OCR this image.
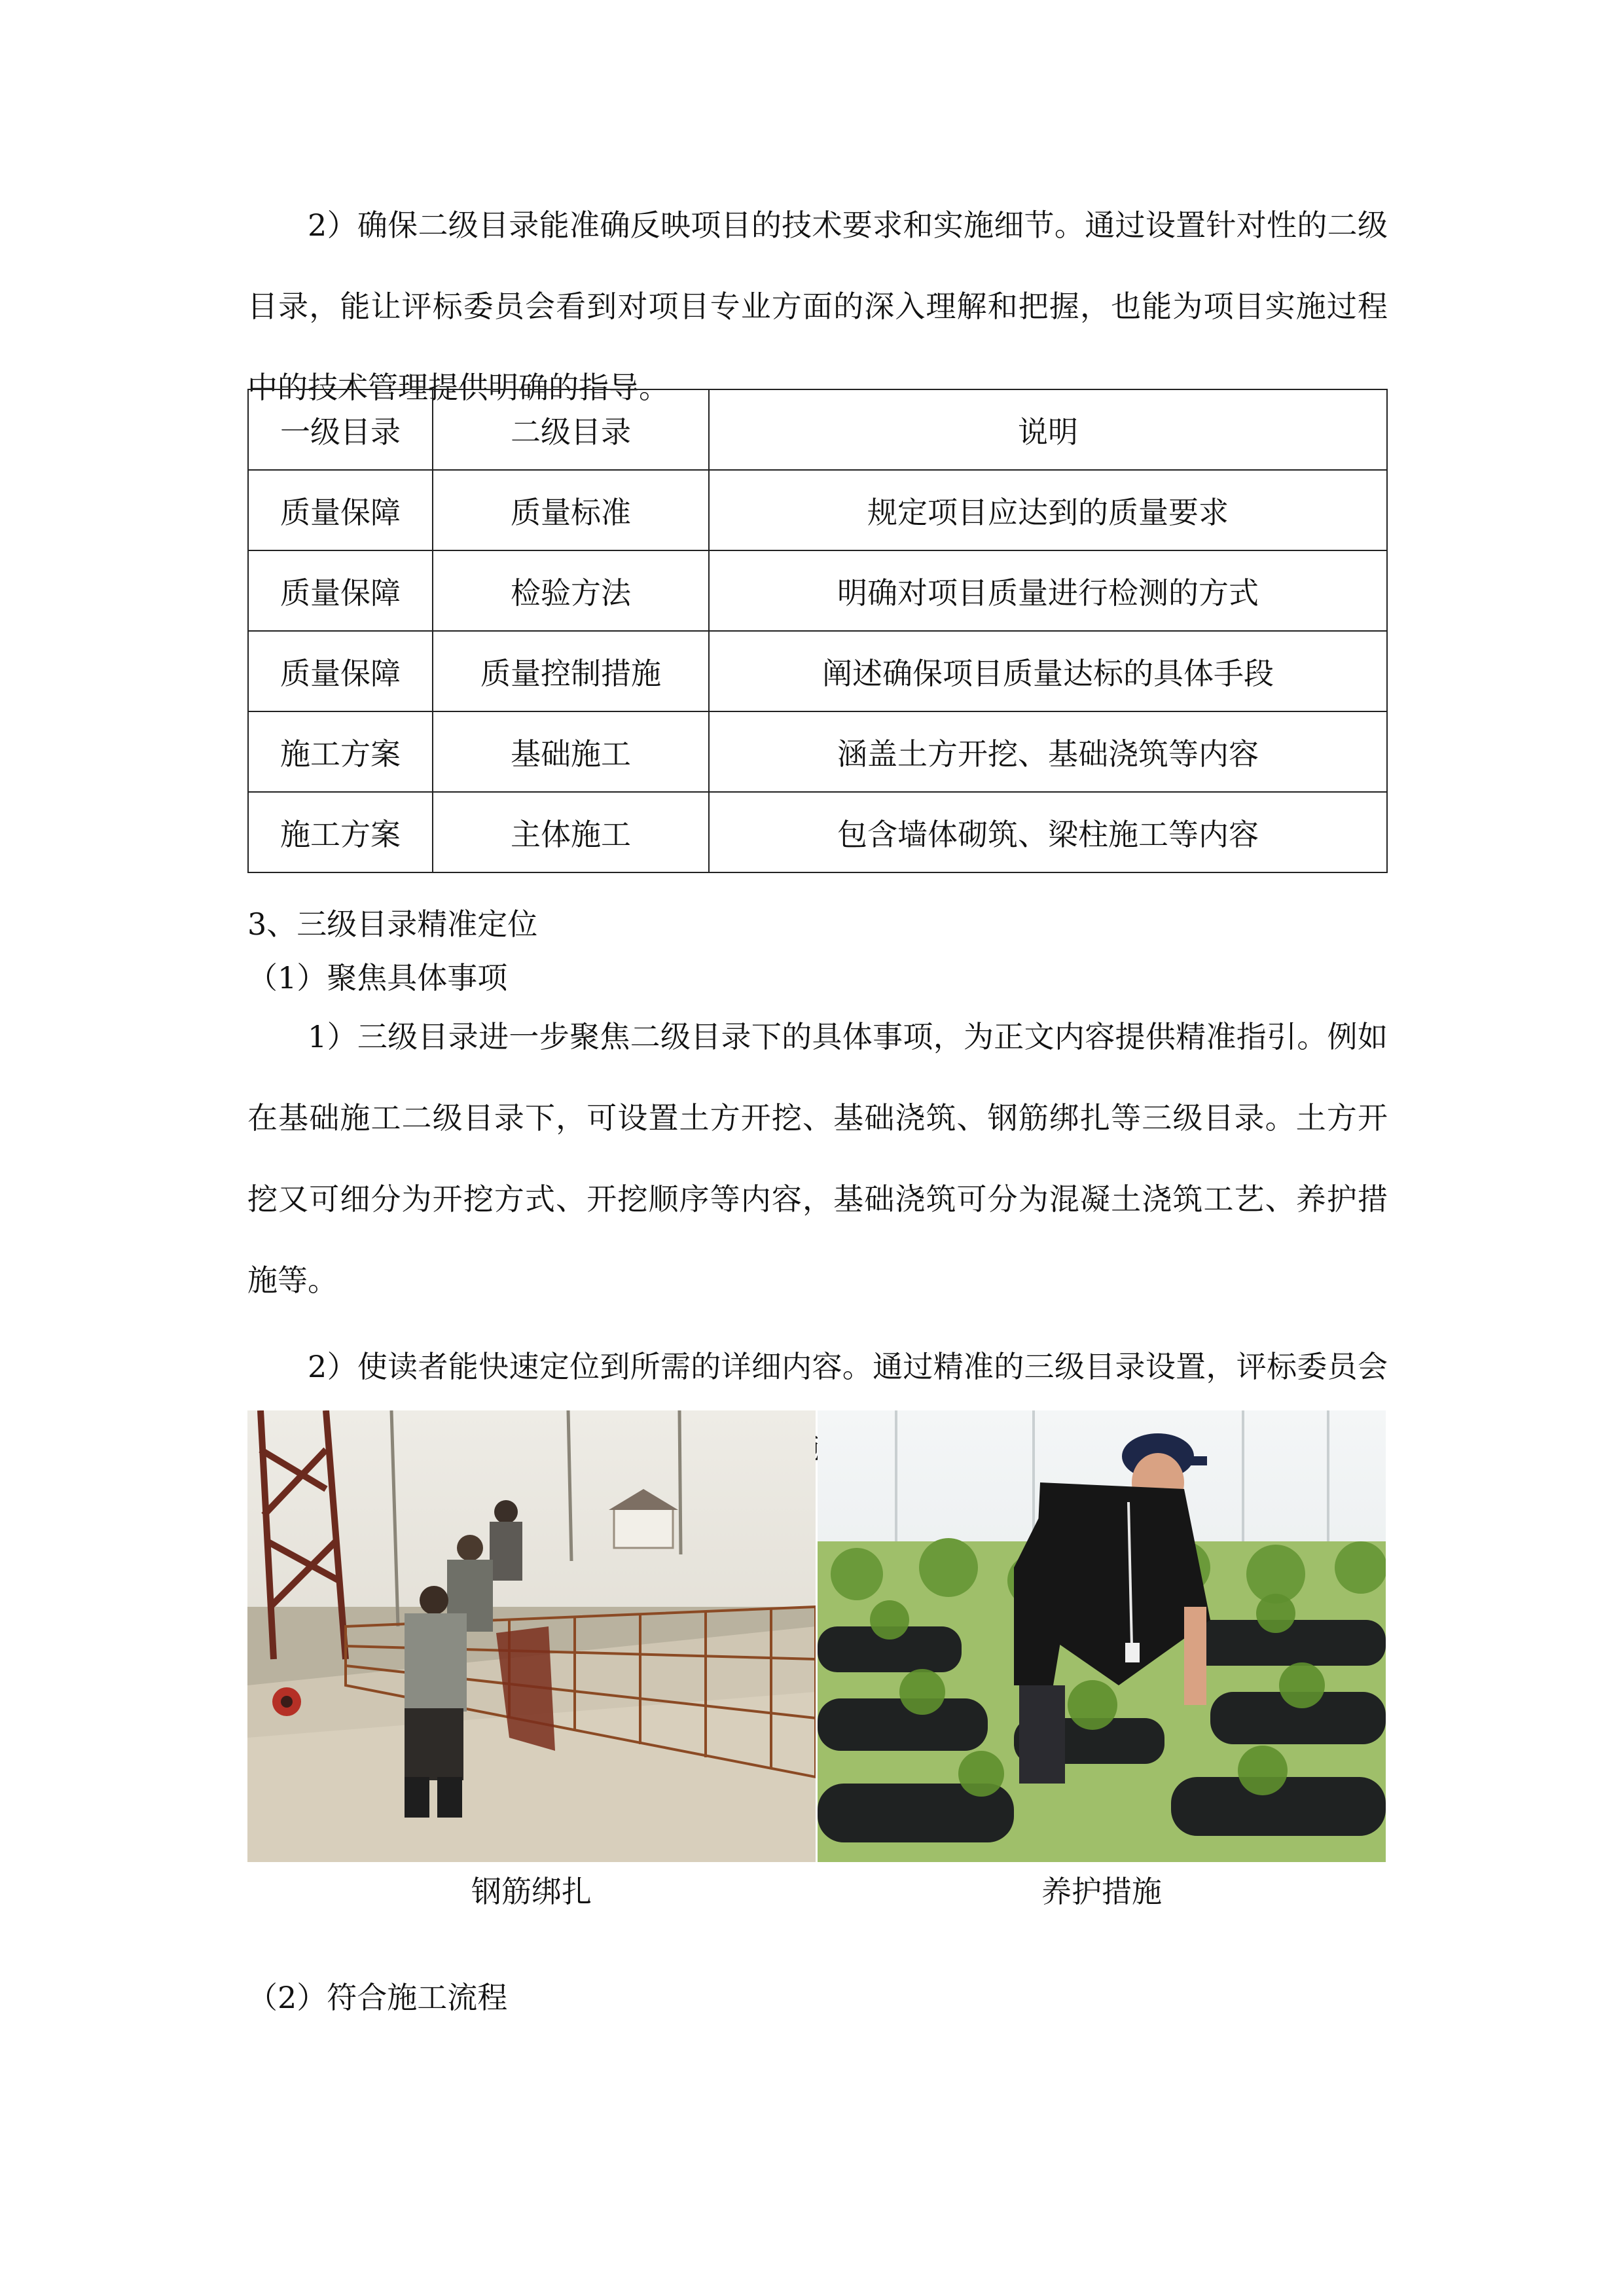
2）确保二级目录能准确反映项目的技术要求和实施细节。通过设置针对性的二级目录，能让评标委员会看到对项目专业方面的深入理解和把握，也能为项目实施过程中的技术管理提供明确的指导。

一级目录	二级目录	说明
质量保障	质量标准	规定项目应达到的质量要求
质量保障	检验方法	明确对项目质量进行检测的方式
质量保障	质量控制措施	阐述确保项目质量达标的具体手段
施工方案	基础施工	涵盖土方开挖、基础浇筑等内容
施工方案	主体施工	包含墙体砌筑、梁柱施工等内容

3、三级目录精准定位

（1）聚焦具体事项

1）三级目录进一步聚焦二级目录下的具体事项，为正文内容提供精准指引。例如在基础施工二级目录下，可设置土方开挖、基础浇筑、钢筋绑扎等三级目录。土方开挖又可细分为开挖方式、开挖顺序等内容，基础浇筑可分为混凝土浇筑工艺、养护措施等。

2）使读者能快速定位到所需的详细内容。通过精准的三级目录设置，评标委员会

钢筋绑扎	养护措施

（2）符合施工流程
